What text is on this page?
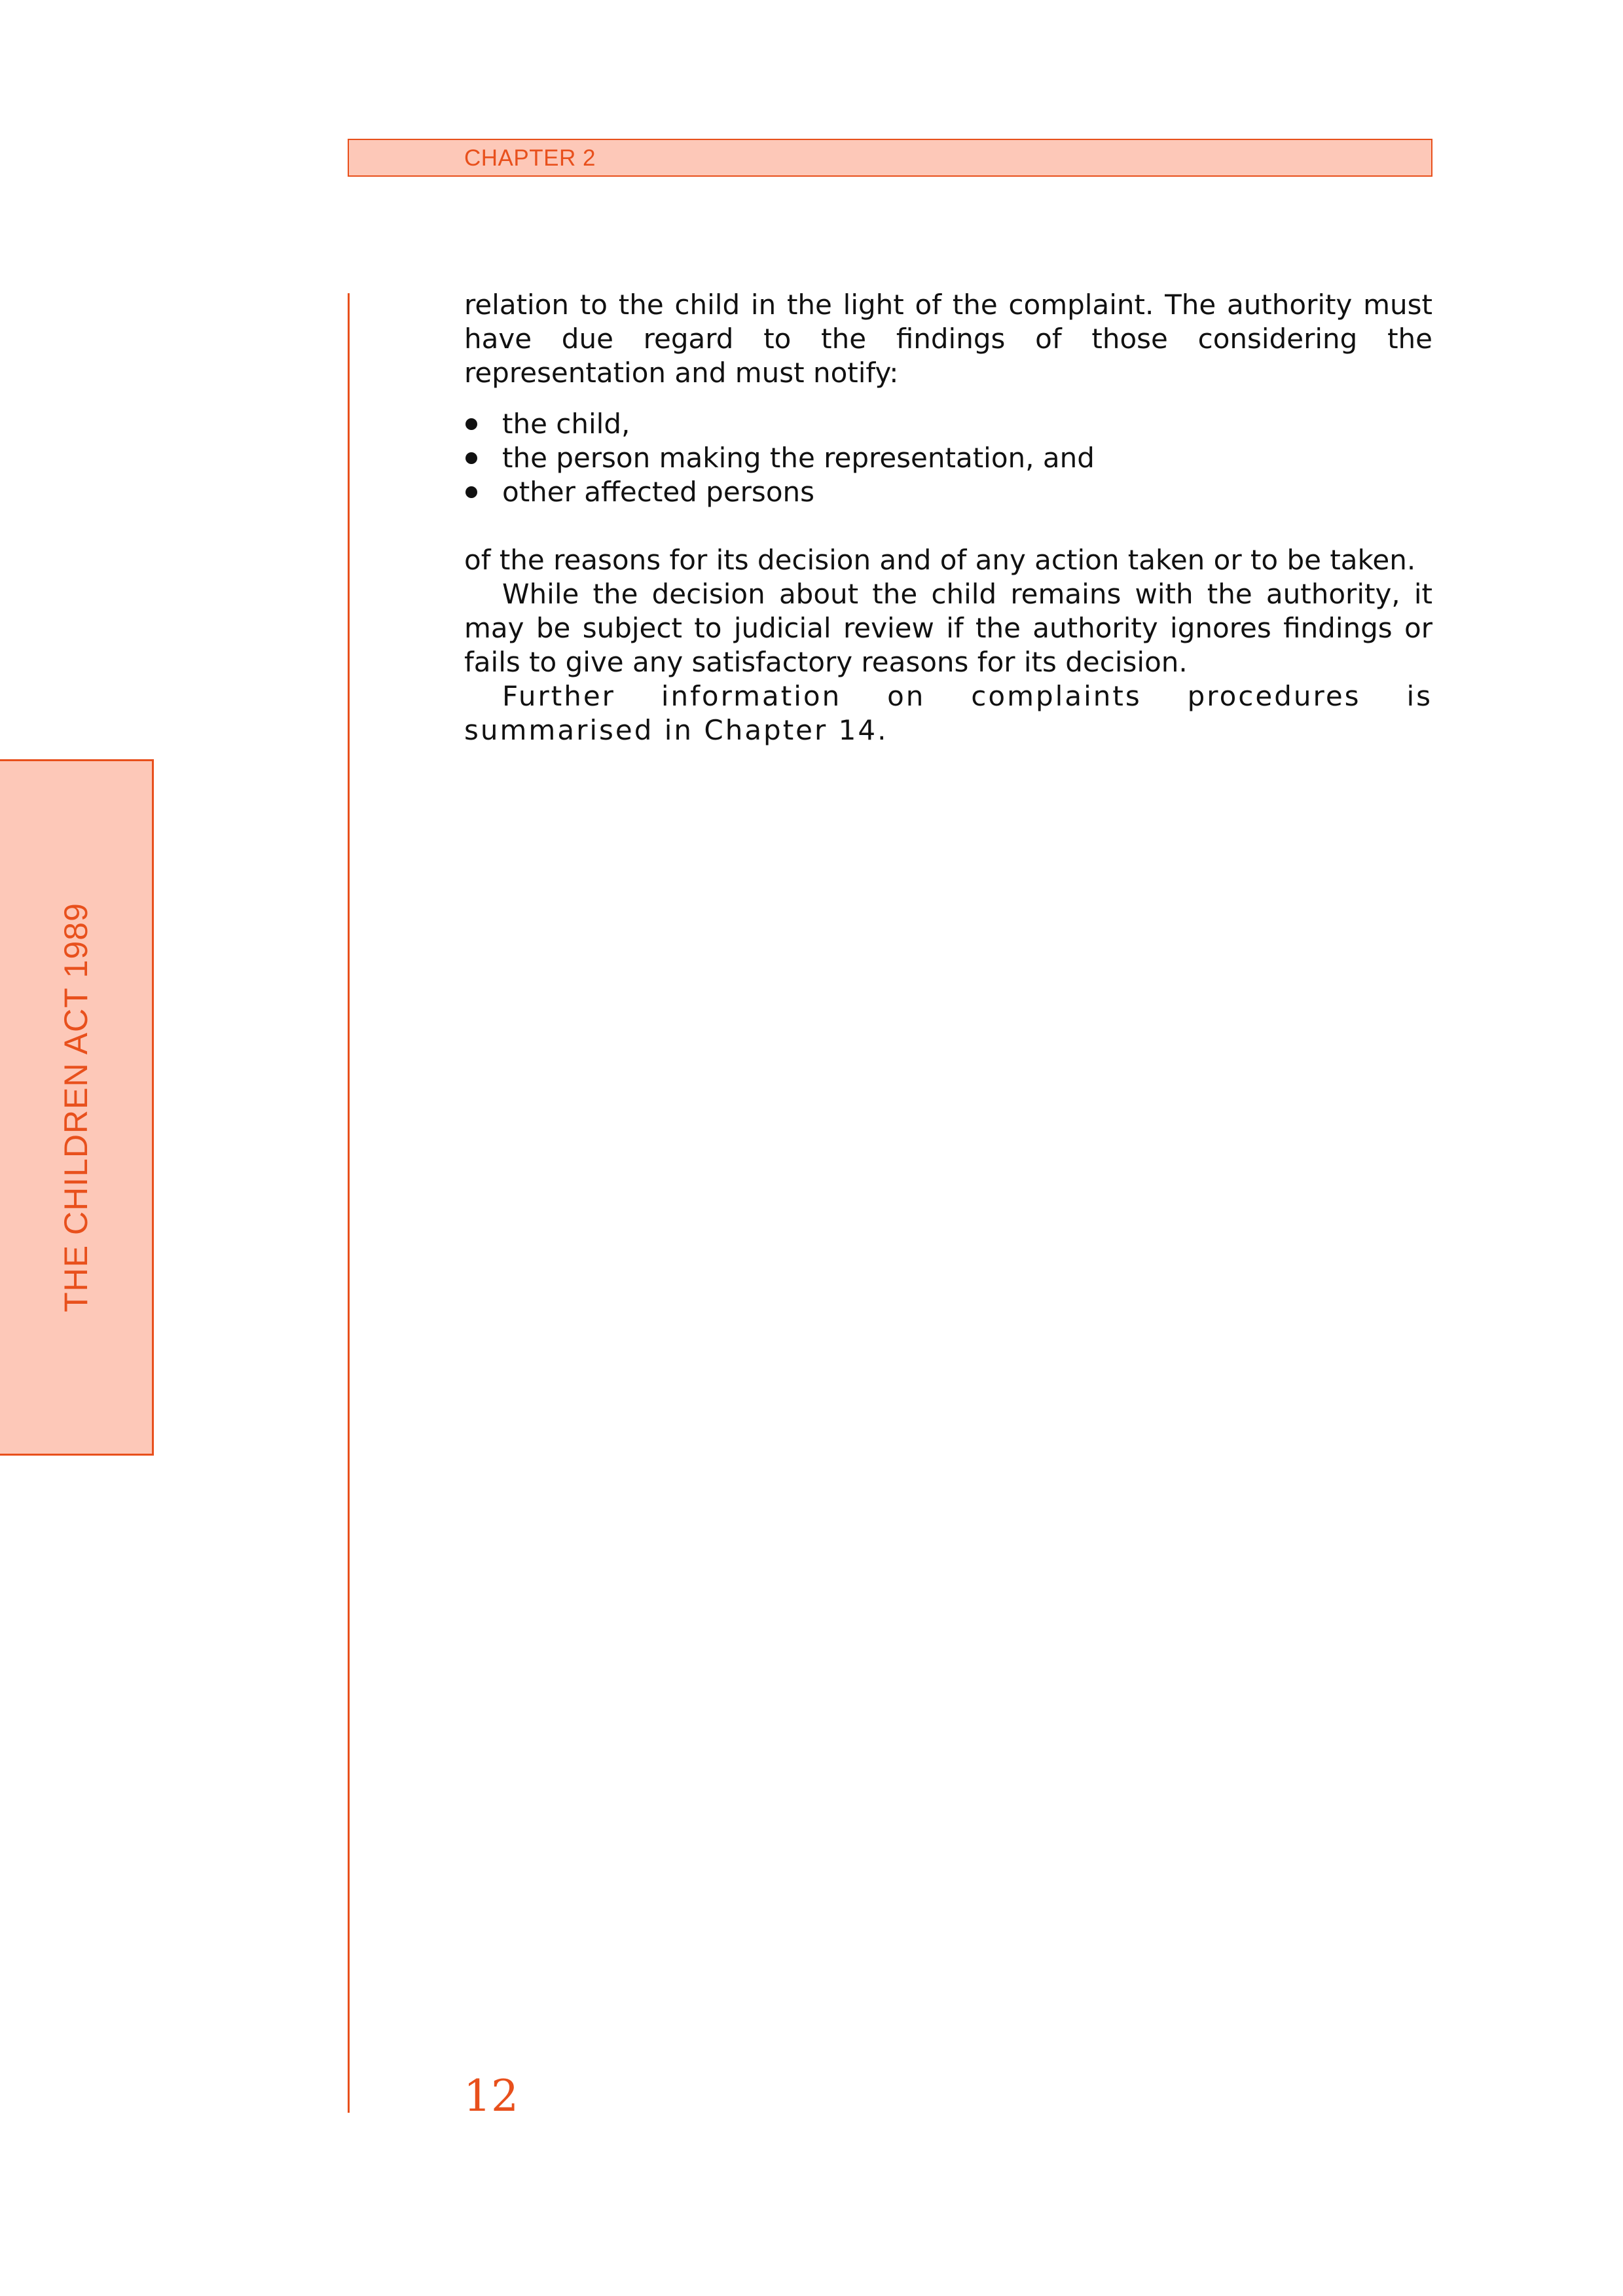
CHAPTER 2
THE CHILDREN ACT 1989

relation to the child in the light of the complaint. The authority must have due regard to the findings of those considering the representation and must notify:

the child,
the person making the representation, and
other affected persons

of the reasons for its decision and of any action taken or to be taken.

While the decision about the child remains with the authority, it may be subject to judicial review if the authority ignores findings or fails to give any satisfactory reasons for its decision.

Further information on complaints procedures is summarised in Chapter 14.

12
